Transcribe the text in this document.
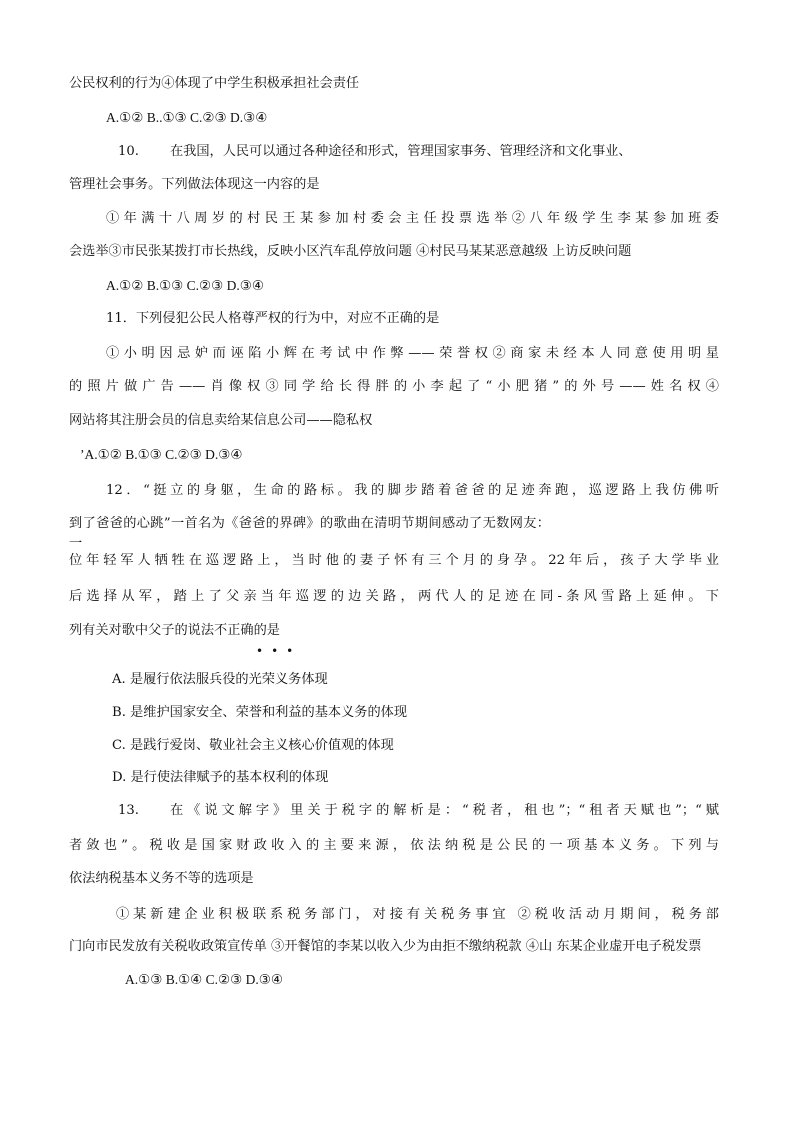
公民权利的行为④体现了中学生积极承担社会责任
A.①② B..①③ C.②③ D.③④
10. 在我国，人民可以通过各种途径和形式，管理国家事务、管理经济和文化事业、
管理社会事务。下列做法体现这一内容的是
①年满十八周岁的村民王某参加村委会主任投票选举②八年级学生李某参加班委
会选举③市民张某拨打市长热线，反映小区汽车乱停放问题 ④村民马某某恶意越级 上访反映问题
A.①② B.①③ C.②③ D.③④
11．下列侵犯公民人格尊严权的行为中，对应不正确的是
①小明因忌妒而诬陷小辉在考试中作弊——荣誉权②商家未经本人同意使用明星
的照片做广告——肖像权③同学给长得胖的小李起了“小肥猪”的外号——姓名权④
网站将其注册会员的信息卖给某信息公司——隐私权
’A.①② B.①③ C.②③ D.③④
12．“挺立的身躯，生命的路标。我的脚步踏着爸爸的足迹奔跑，巡逻路上我仿佛听
到了爸爸的心跳”一首名为《爸爸的界碑》的歌曲在清明节期间感动了无数网友：一
位年轻军人牺牲在巡逻路上，当时他的妻子怀有三个月的身孕。22年后，孩子大学毕业
后选择从军，踏上了父亲当年巡逻的边关路，两代人的足迹在同-条风雪路上延伸。下
列有关对歌中父子的说法不正确的是
•••
A. 是履行依法服兵役的光荣义务体现
B. 是维护国家安全、荣誉和利益的基本义务的体现
C. 是践行爱岗、敬业社会主义核心价值观的体现
D. 是行使法律赋予的基本权利的体现
13. 在《说文解字》里关于税字的解析是：“税者，租也”；“租者天赋也”；“赋
者敛也”。税收是国家财政收入的主要来源，依法纳税是公民的一项基本义务。下列与
依法纳税基本义务不等的选项是
①某新建企业积极联系税务部门，对接有关税务事宜 ②税收活动月期间，税务部
门向市民发放有关税收政策宣传单 ③开餐馆的李某以收入少为由拒不缴纳税款 ④山 东某企业虚开电子税发票
A.①③ B.①④ C.②③ D.③④
